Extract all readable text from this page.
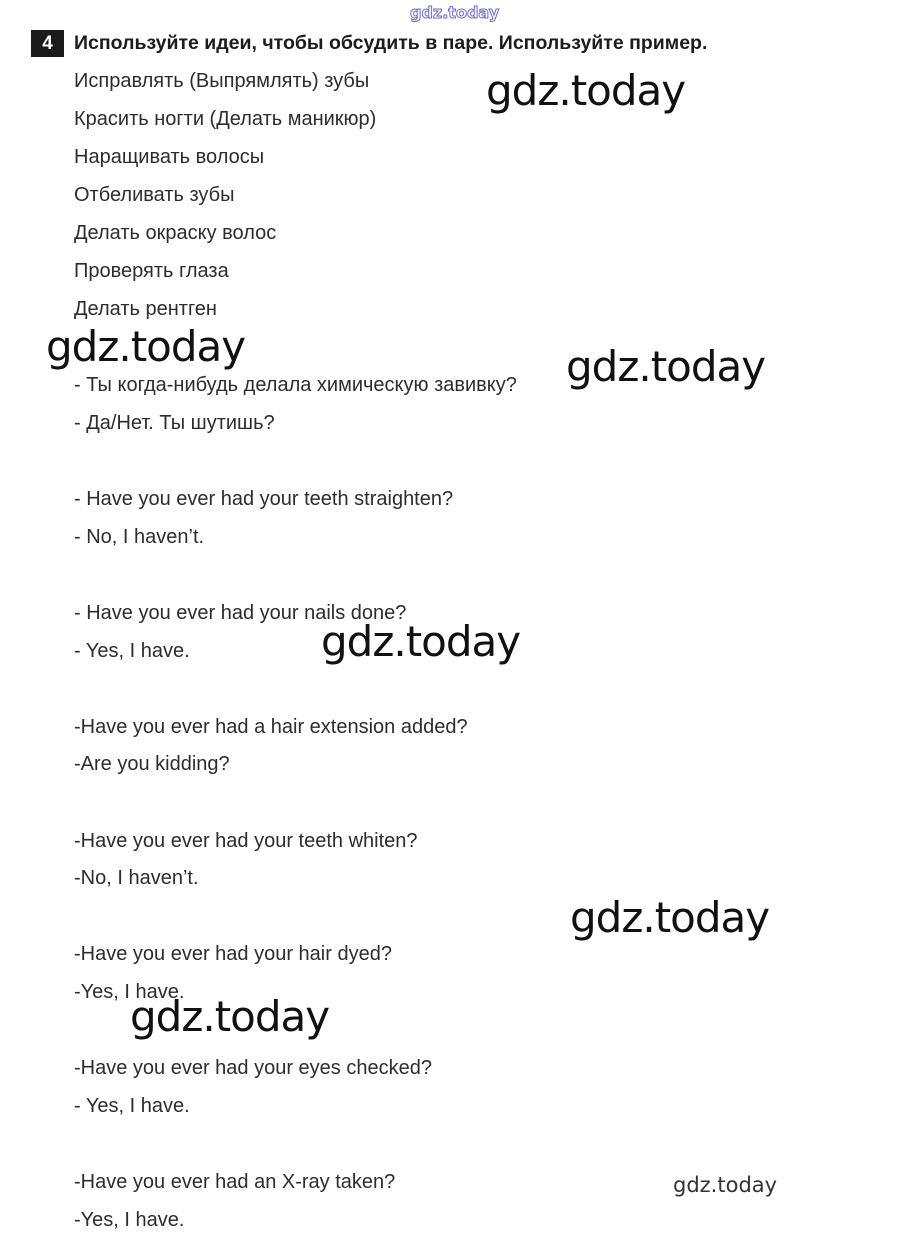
gdz.today
4	Используйте идеи, чтобы обсудить в паре. Используйте пример.
Исправлять (Выпрямлять) зубы
Красить ногти (Делать маникюр)
Наращивать волосы
Отбеливать зубы
Делать окраску волос
Проверять глаза
Делать рентген
- Ты когда-нибудь делала химическую завивку?
- Да/Нет. Ты шутишь?
- Have you ever had your teeth straighten?
- No, I haven’t.
- Have you ever had your nails done?
- Yes, I have.
-Have you ever had a hair extension added?
-Are you kidding?
-Have you ever had your teeth whiten?
-No, I haven’t.
-Have you ever had your hair dyed?
-Yes, I have.
-Have you ever had your eyes checked?
- Yes, I have.
-Have you ever had an X-ray taken?
-Yes, I have.
gdz.today
gdz.today	gdz.today
gdz.today
gdz.today
gdz.today
gdz.today
